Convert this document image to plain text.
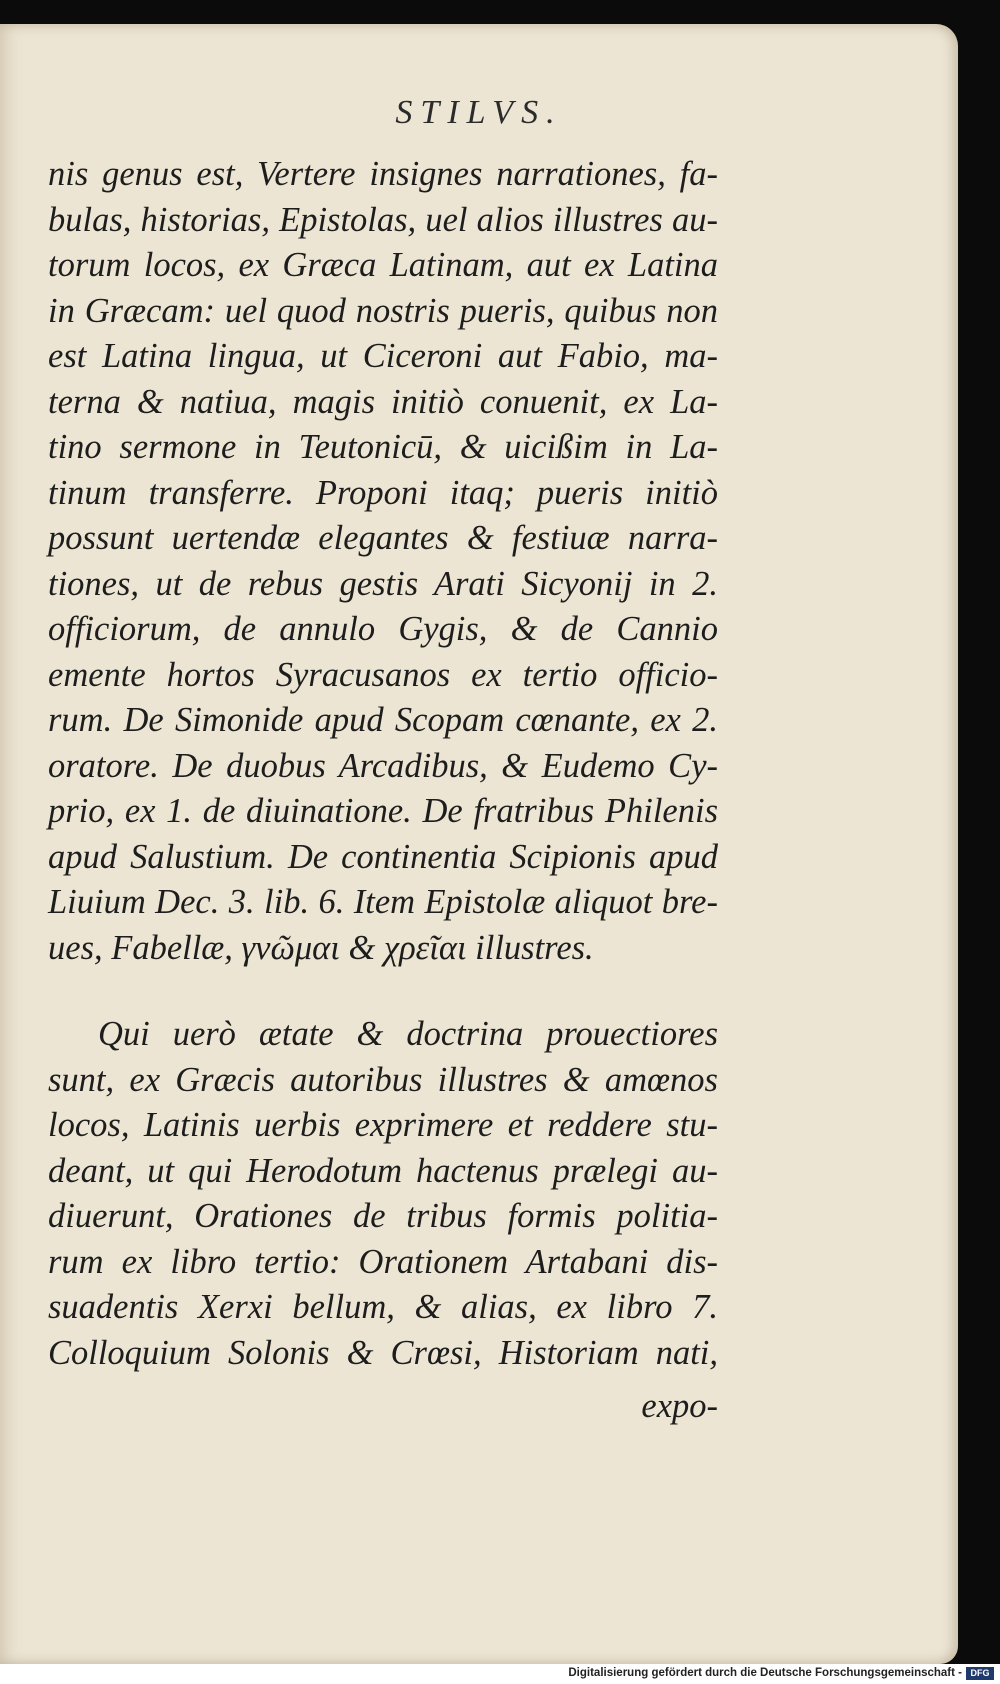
STILVS.
nis genus est, Vertere insignes narrationes, fa-
bulas, historias, Epistolas, uel alios illustres au-
torum locos, ex Græca Latinam, aut ex Latina
in Græcam: uel quod nostris pueris, quibus non
est Latina lingua, ut Ciceroni aut Fabio, ma-
terna & natiua, magis initiò conuenit, ex La-
tino sermone in Teutonicū, & uicißim in La-
tinum transferre. Proponi itaq; pueris initiò
possunt uertendæ elegantes & festiuæ narra-
tiones, ut de rebus gestis Arati Sicyonij in 2.
officiorum, de annulo Gygis, & de Cannio
emente hortos Syracusanos ex tertio officio-
rum. De Simonide apud Scopam cœnante, ex 2.
oratore. De duobus Arcadibus, & Eudemo Cy-
prio, ex 1. de diuinatione. De fratribus Philenis
apud Salustium. De continentia Scipionis apud
Liuium Dec. 3. lib. 6. Item Epistolæ aliquot bre-
ues, Fabellæ, γνῶμαι & χρεῖαι illustres.
Qui uerò ætate & doctrina prouectiores
sunt, ex Græcis autoribus illustres & amœnos
locos, Latinis uerbis exprimere et reddere stu-
deant, ut qui Herodotum hactenus prælegi au-
diuerunt, Orationes de tribus formis politia-
rum ex libro tertio: Orationem Artabani dis-
suadentis Xerxi bellum, & alias, ex libro 7.
Colloquium Solonis & Crœsi, Historiam nati,
expo-
Digitalisierung gefördert durch die Deutsche Forschungsgemeinschaft - DFG
